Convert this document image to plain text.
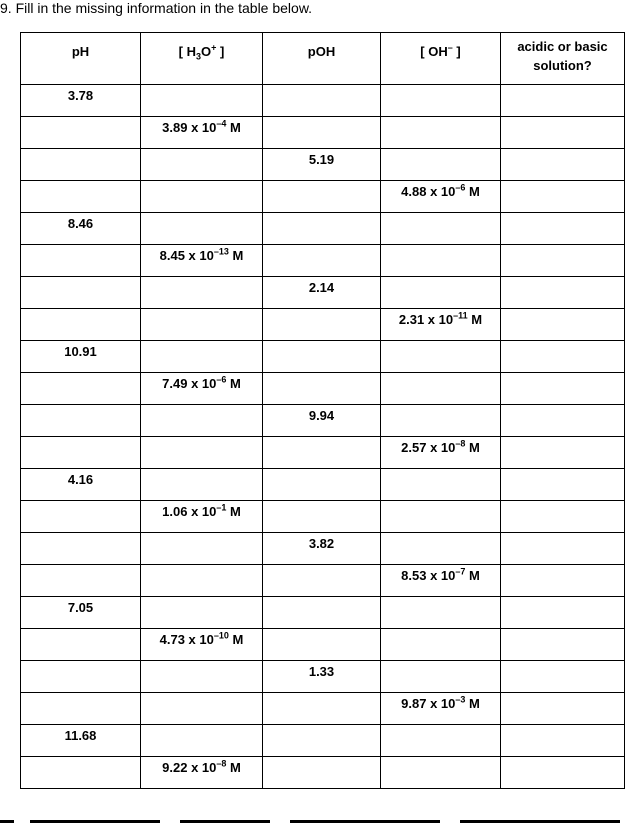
9. Fill in the missing information in the table below.
pH	[ $H_3O^+$ ]	pOH	[ OH– ]	acidic or basic solution?
3.78				
	3.89 x $10^{-4}$ M			
		5.19		
			4.88 x $10^{-6}$ M	
8.46				
	8.45 x $10^{-13}$ M			
		2.14		
			2.31 x $10^{-11}$ M	
10.91				
	7.49 x $10^{-6}$ M			
		9.94		
			2.57 x $10^{-8}$ M	
4.16				
	1.06 x $10^{-1}$ M			
		3.82		
			8.53 x $10^{-7}$ M	
7.05				
	4.73 x $10^{-10}$ M			
		1.33		
			9.87 x $10^{-3}$ M	
11.68				
	9.22 x $10^{-8}$ M			
